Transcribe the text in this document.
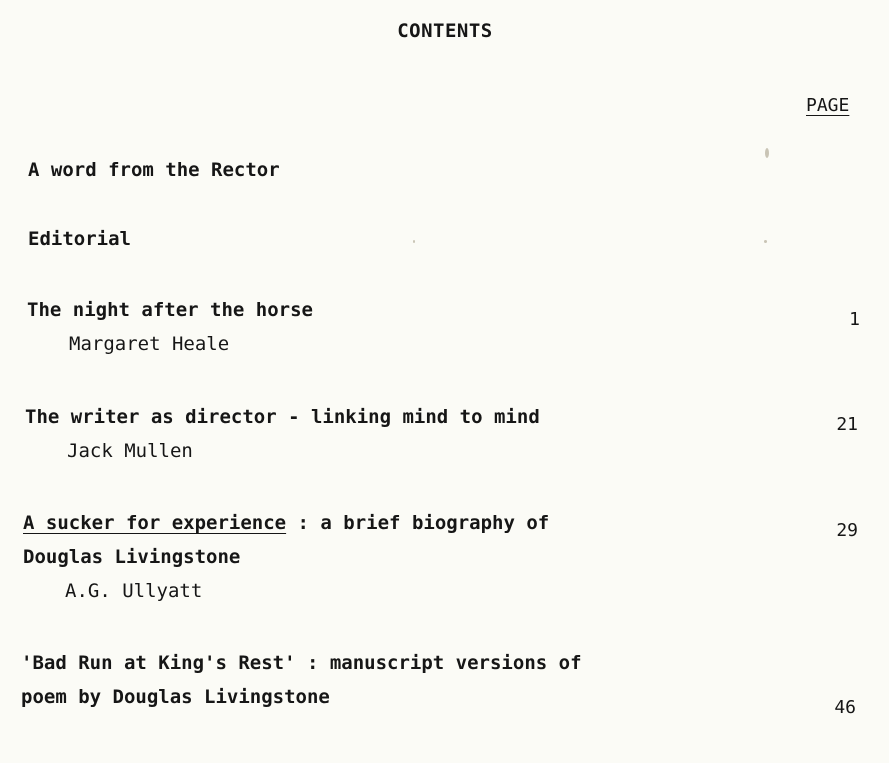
CONTENTS
PAGE
A word from the Rector
Editorial
The night after the horse
Margaret Heale
1
The writer as director - linking mind to mind
Jack Mullen
21
A sucker for experience : a brief biography of
Douglas Livingstone
A.G. Ullyatt
29
'Bad Run at King's Rest' : manuscript versions of
poem by Douglas Livingstone	46
